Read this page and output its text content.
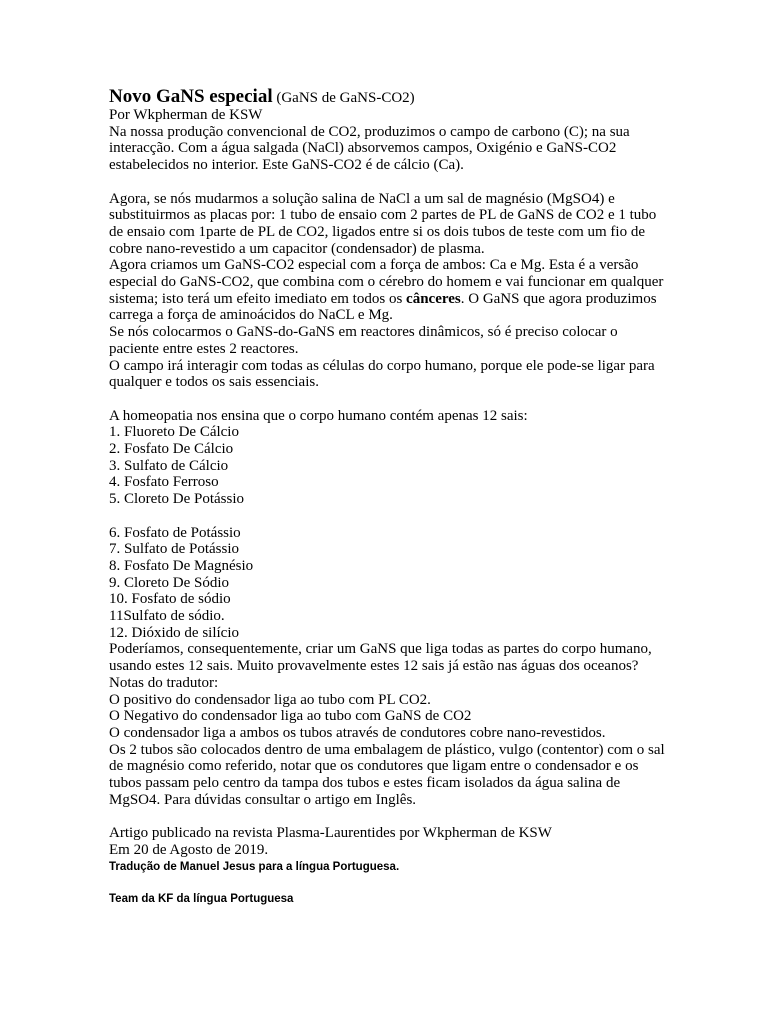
Novo GaNS especial (GaNS de GaNS-CO2)

Por Wkpherman de KSW

Na nossa produção convencional de CO2, produzimos o campo de carbono (C); na sua interacção. Com a água salgada (NaCl) absorvemos campos, Oxigénio e GaNS-CO2 estabelecidos no interior. Este GaNS-CO2 é de cálcio (Ca).

Agora, se nós mudarmos a solução salina de NaCl a um sal de magnésio (MgSO4) e substituirmos as placas por: 1 tubo de ensaio com 2 partes de PL de GaNS de CO2 e 1 tubo de ensaio com 1parte de PL de CO2, ligados entre si os dois tubos de teste com um fio de cobre nano-revestido a um capacitor (condensador) de plasma.

Agora criamos um GaNS-CO2 especial com a força de ambos: Ca e Mg. Esta é a versão especial do GaNS-CO2, que combina com o cérebro do homem e vai funcionar em qualquer sistema; isto terá um efeito imediato em todos os cânceres. O GaNS que agora produzimos carrega a força de aminoácidos do NaCL e Mg.

Se nós colocarmos o GaNS-do-GaNS em reactores dinâmicos, só é preciso colocar o paciente entre estes 2 reactores.

O campo irá interagir com todas as células do corpo humano, porque ele pode-se ligar para qualquer e todos os sais essenciais.

A homeopatia nos ensina que o corpo humano contém apenas 12 sais:

1. Fluoreto De Cálcio
2. Fosfato De Cálcio
3. Sulfato de Cálcio
4. Fosfato Ferroso
5. Cloreto De Potássio
6. Fosfato de Potássio
7. Sulfato de Potássio
8. Fosfato De Magnésio
9. Cloreto De Sódio
10. Fosfato de sódio
11Sulfato de sódio.
12. Dióxido de silício

Poderíamos, consequentemente, criar um GaNS que liga todas as partes do corpo humano, usando estes 12 sais. Muito provavelmente estes 12 sais já estão nas águas dos oceanos?

Notas do tradutor:

O positivo do condensador liga ao tubo com PL CO2.

O Negativo do condensador liga ao tubo com GaNS de CO2

O condensador liga a ambos os tubos através de condutores cobre nano-revestidos.

Os 2 tubos são colocados dentro de uma embalagem de plástico, vulgo (contentor) com o sal de magnésio como referido, notar que os condutores que ligam entre o condensador e os tubos passam pelo centro da tampa dos tubos e estes ficam isolados da água salina de MgSO4. Para dúvidas consultar o artigo em Inglês.

Artigo publicado na revista Plasma-Laurentides por Wkpherman de KSW

Em 20 de Agosto de 2019.

Tradução de Manuel Jesus para a língua Portuguesa.

Team da KF da língua Portuguesa
